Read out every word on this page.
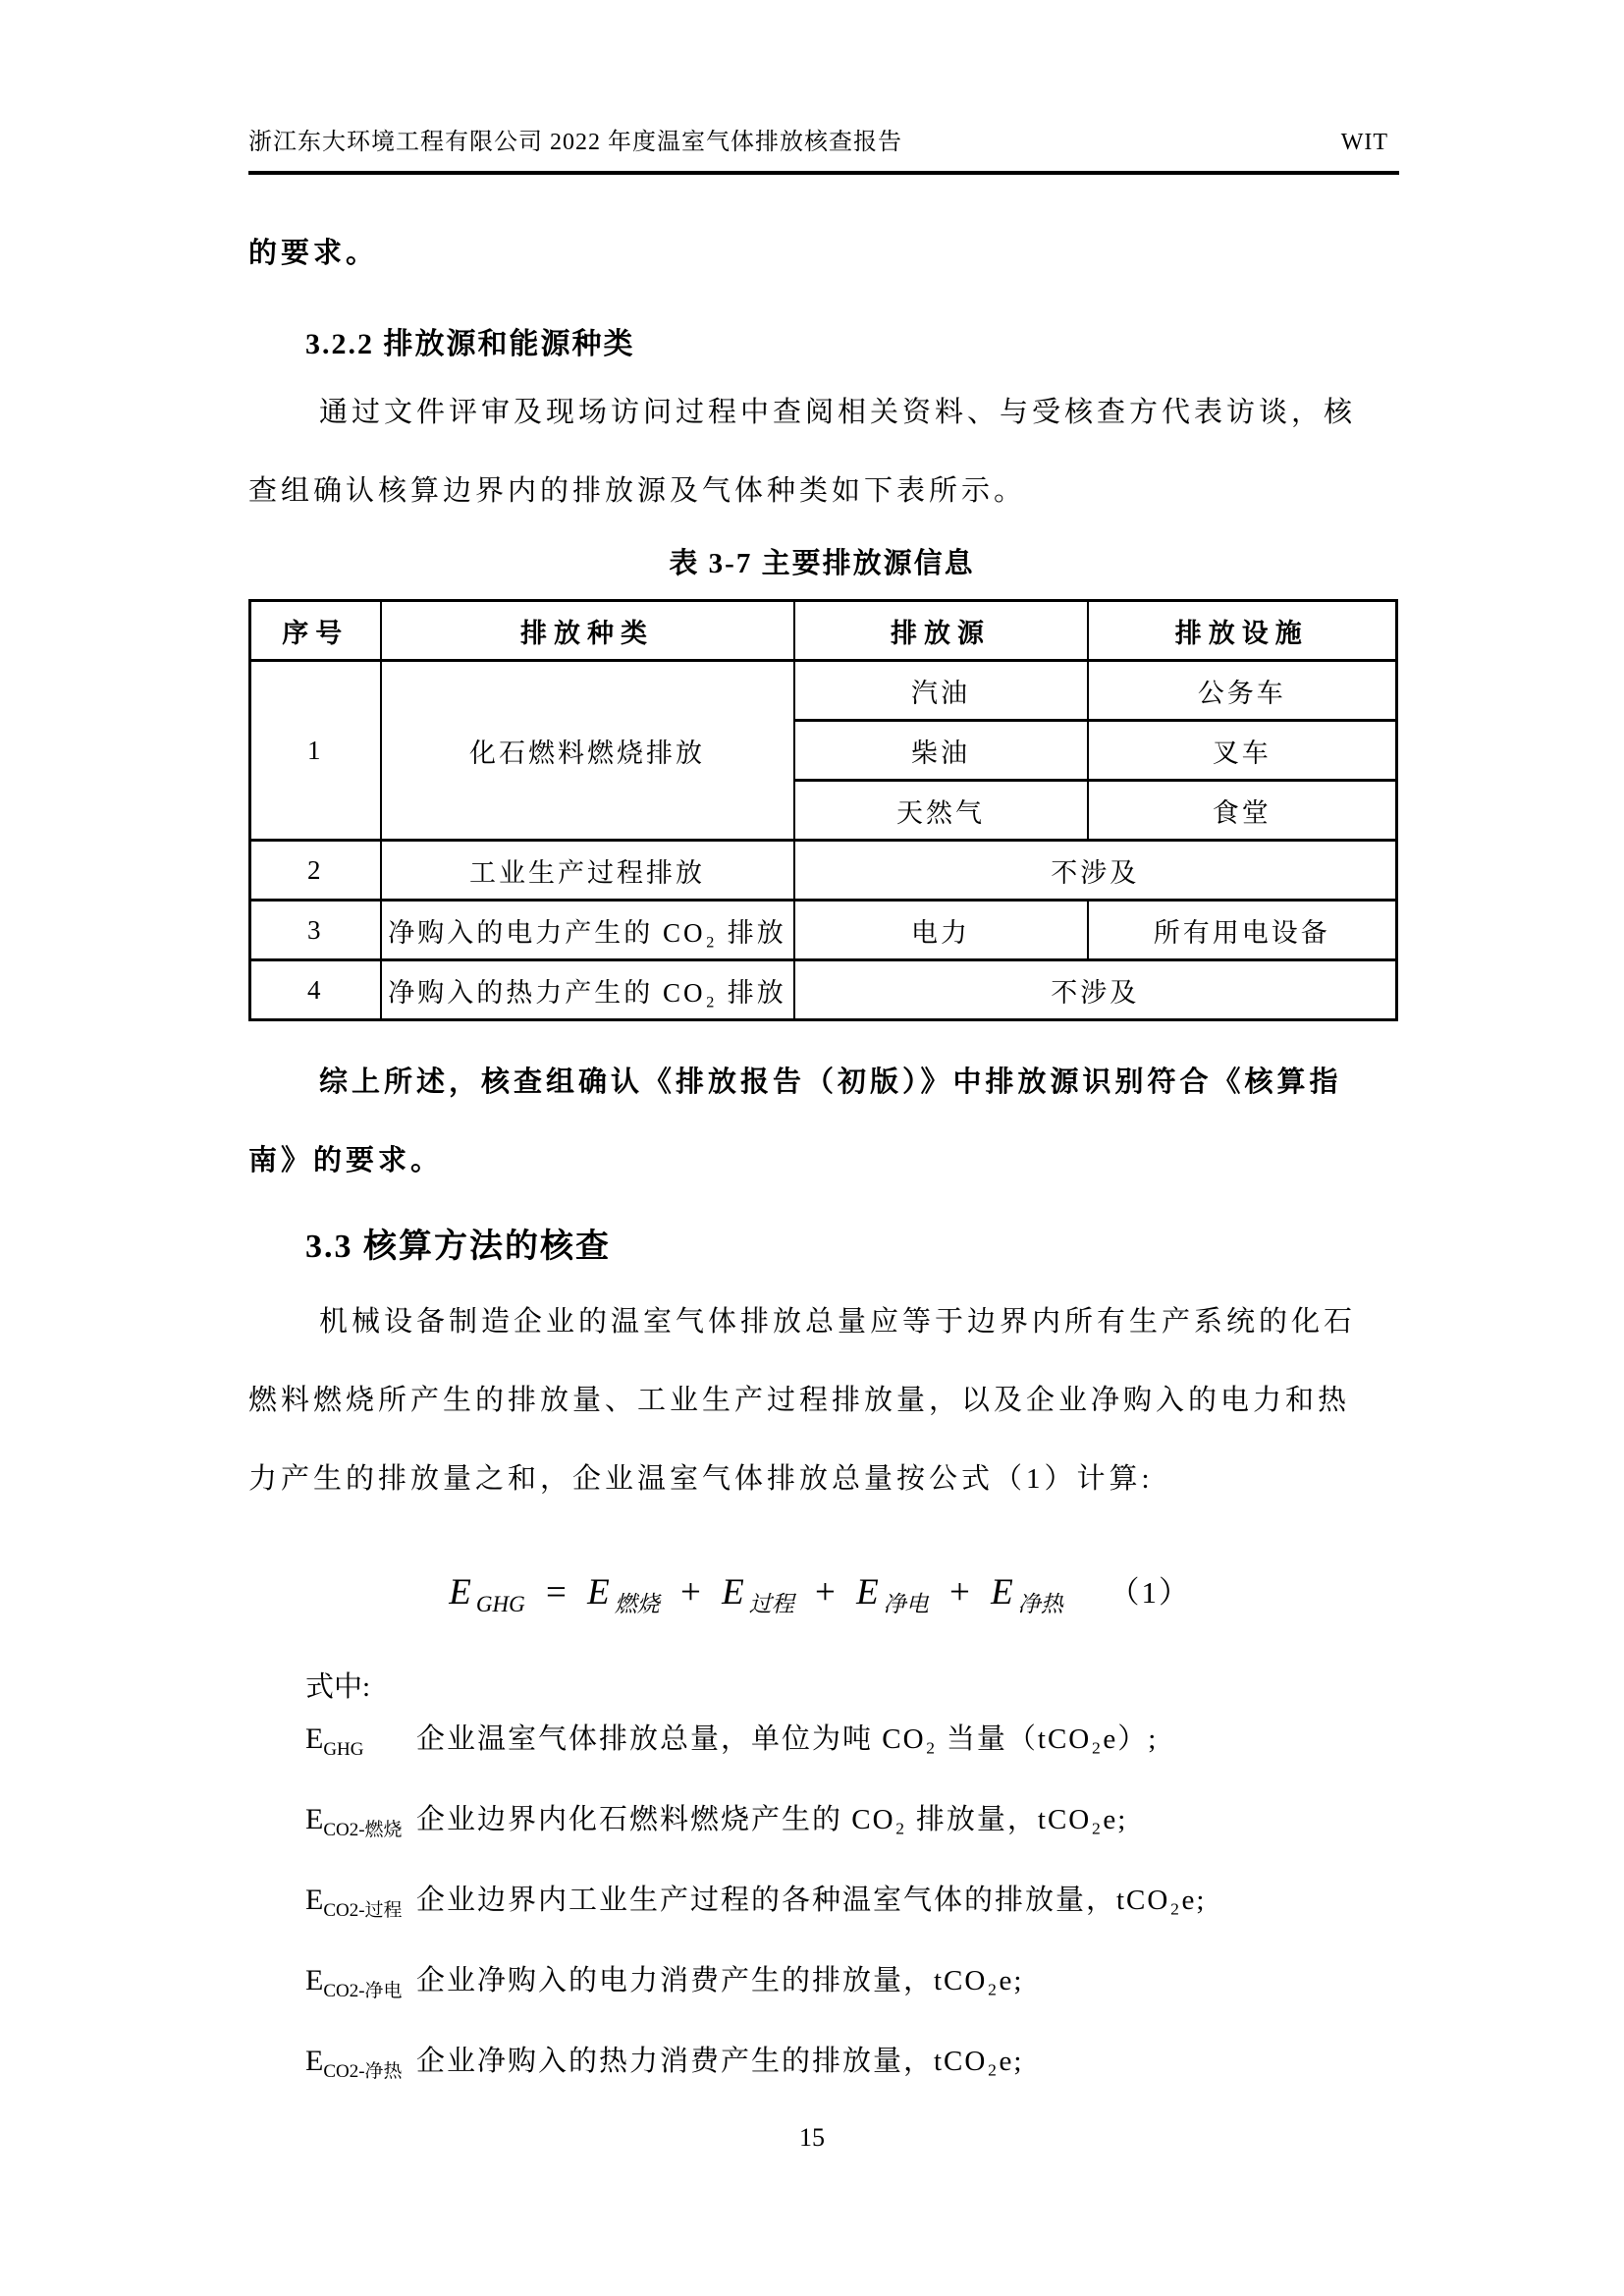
浙江东大环境工程有限公司 2022 年度温室气体排放核查报告	WIT
的要求。
3.2.2 排放源和能源种类
通过文件评审及现场访问过程中查阅相关资料、与受核查方代表访谈，核
查组确认核算边界内的排放源及气体种类如下表所示。
表 3-7 主要排放源信息
序号	排放种类	排放源	排放设施
1	化石燃料燃烧排放	汽油	公务车
		柴油	叉车
		天然气	食堂
2	工业生产过程排放	不涉及	
3	净购入的电力产生的 CO₂ 排放	电力	所有用电设备
4	净购入的热力产生的 CO₂ 排放	不涉及	
综上所述，核查组确认《排放报告（初版）》中排放源识别符合《核算指
南》的要求。
3.3 核算方法的核查
机械设备制造企业的温室气体排放总量应等于边界内所有生产系统的化石
燃料燃烧所产生的排放量、工业生产过程排放量，以及企业净购入的电力和热
力产生的排放量之和，企业温室气体排放总量按公式（1）计算:
E $_{GHG}$ = E $_{燃烧}$ + E $_{过程}$ + E $_{净电}$ + E $_{净热}$ （1）
式中:
$E_{GHG}$	企业温室气体排放总量，单位为吨 CO₂ 当量（tCO₂e）;
$E_{CO2-燃烧}$ 企业边界内化石燃料燃烧产生的 CO₂ 排放量，tCO₂e;
$E_{CO2-过程}$ 企业边界内工业生产过程的各种温室气体的排放量，tCO₂e;
$E_{CO2-净电}$ 企业净购入的电力消费产生的排放量，tCO₂e;
$E_{CO2-净热}$ 企业净购入的热力消费产生的排放量，tCO₂e;
15
